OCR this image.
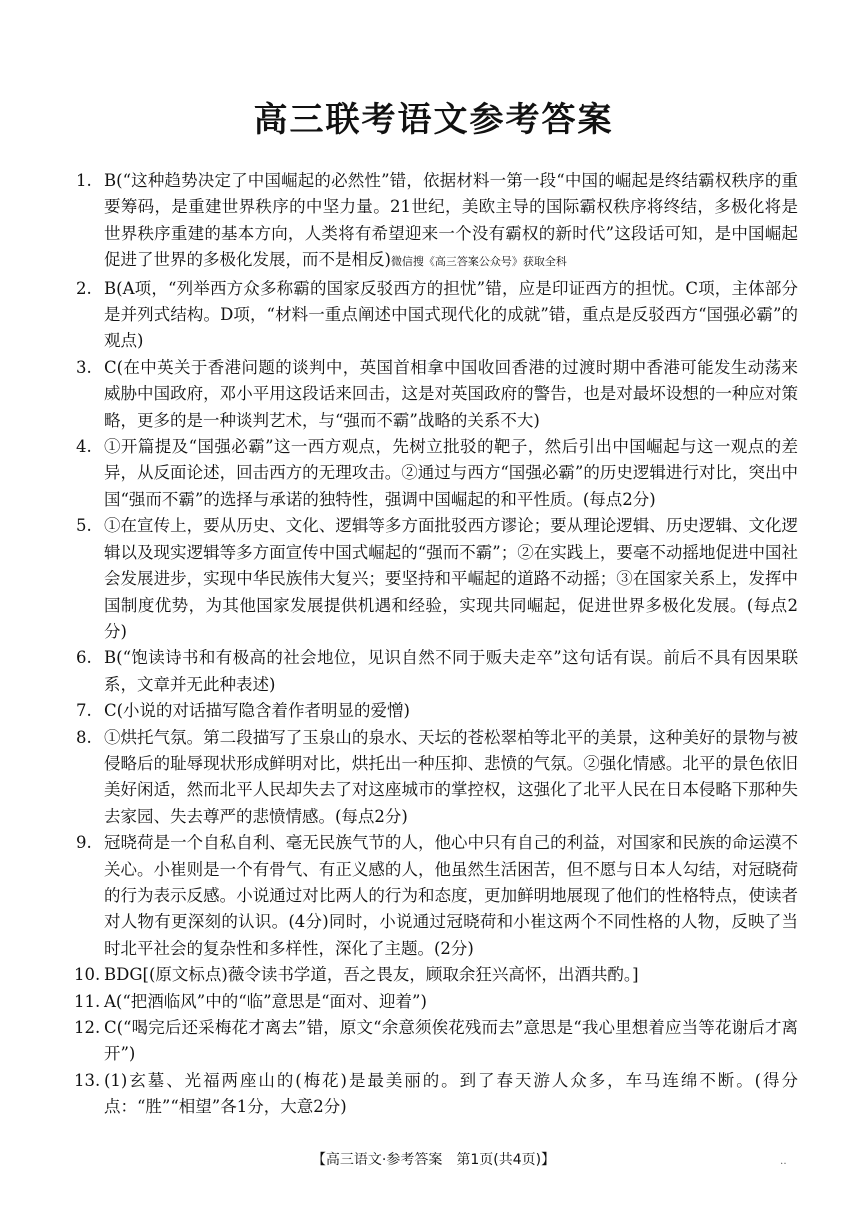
高三联考语文参考答案
1. B(“这种趋势决定了中国崛起的必然性”错，依据材料一第一段“中国的崛起是终结霸权秩序的重要筹码，是重建世界秩序的中坚力量。21世纪，美欧主导的国际霸权秩序将终结，多极化将是世界秩序重建的基本方向，人类将有希望迎来一个没有霸权的新时代”这段话可知，是中国崛起促进了世界的多极化发展，而不是相反)微信搜《高三答案公众号》获取全科
2. B(A项，“列举西方众多称霸的国家反驳西方的担忧”错，应是印证西方的担忧。C项，主体部分是并列式结构。D项，“材料一重点阐述中国式现代化的成就”错，重点是反驳西方“国强必霸”的观点)
3. C(在中英关于香港问题的谈判中，英国首相拿中国收回香港的过渡时期中香港可能发生动荡来威胁中国政府，邓小平用这段话来回击，这是对英国政府的警告，也是对最坏设想的一种应对策略，更多的是一种谈判艺术，与“强而不霸”战略的关系不大)
4. ①开篇提及“国强必霸”这一西方观点，先树立批驳的靶子，然后引出中国崛起与这一观点的差异，从反面论述，回击西方的无理攻击。②通过与西方“国强必霸”的历史逻辑进行对比，突出中国“强而不霸”的选择与承诺的独特性，强调中国崛起的和平性质。(每点2分)
5. ①在宣传上，要从历史、文化、逻辑等多方面批驳西方谬论；要从理论逻辑、历史逻辑、文化逻辑以及现实逻辑等多方面宣传中国式崛起的“强而不霸”；②在实践上，要毫不动摇地促进中国社会发展进步，实现中华民族伟大复兴；要坚持和平崛起的道路不动摇；③在国家关系上，发挥中国制度优势，为其他国家发展提供机遇和经验，实现共同崛起，促进世界多极化发展。(每点2分)
6. B(“饱读诗书和有极高的社会地位，见识自然不同于贩夫走卒”这句话有误。前后不具有因果联系，文章并无此种表述)
7. C(小说的对话描写隐含着作者明显的爱憎)
8. ①烘托气氛。第二段描写了玉泉山的泉水、天坛的苍松翠柏等北平的美景，这种美好的景物与被侵略后的耻辱现状形成鲜明对比，烘托出一种压抑、悲愤的气氛。②强化情感。北平的景色依旧美好闲适，然而北平人民却失去了对这座城市的掌控权，这强化了北平人民在日本侵略下那种失去家园、失去尊严的悲愤情感。(每点2分)
9. 冠晓荷是一个自私自利、毫无民族气节的人，他心中只有自己的利益，对国家和民族的命运漠不关心。小崔则是一个有骨气、有正义感的人，他虽然生活困苦，但不愿与日本人勾结，对冠晓荷的行为表示反感。小说通过对比两人的行为和态度，更加鲜明地展现了他们的性格特点，使读者对人物有更深刻的认识。(4分)同时，小说通过冠晓荷和小崔这两个不同性格的人物，反映了当时北平社会的复杂性和多样性，深化了主题。(2分)
10. BDG[(原文标点)薇令读书学道，吾之畏友，顾取余狂兴高怀，出酒共酌。]
11. A(“把酒临风”中的“临”意思是“面对、迎着”)
12. C(“喝完后还采梅花才离去”错，原文“余意须俟花残而去”意思是“我心里想着应当等花谢后才离开”)
13. (1)玄墓、光福两座山的(梅花)是最美丽的。到了春天游人众多，车马连绵不断。(得分点：“胜”“相望”各1分，大意2分)
【高三语文·参考答案　第1页(共4页)】	‥
